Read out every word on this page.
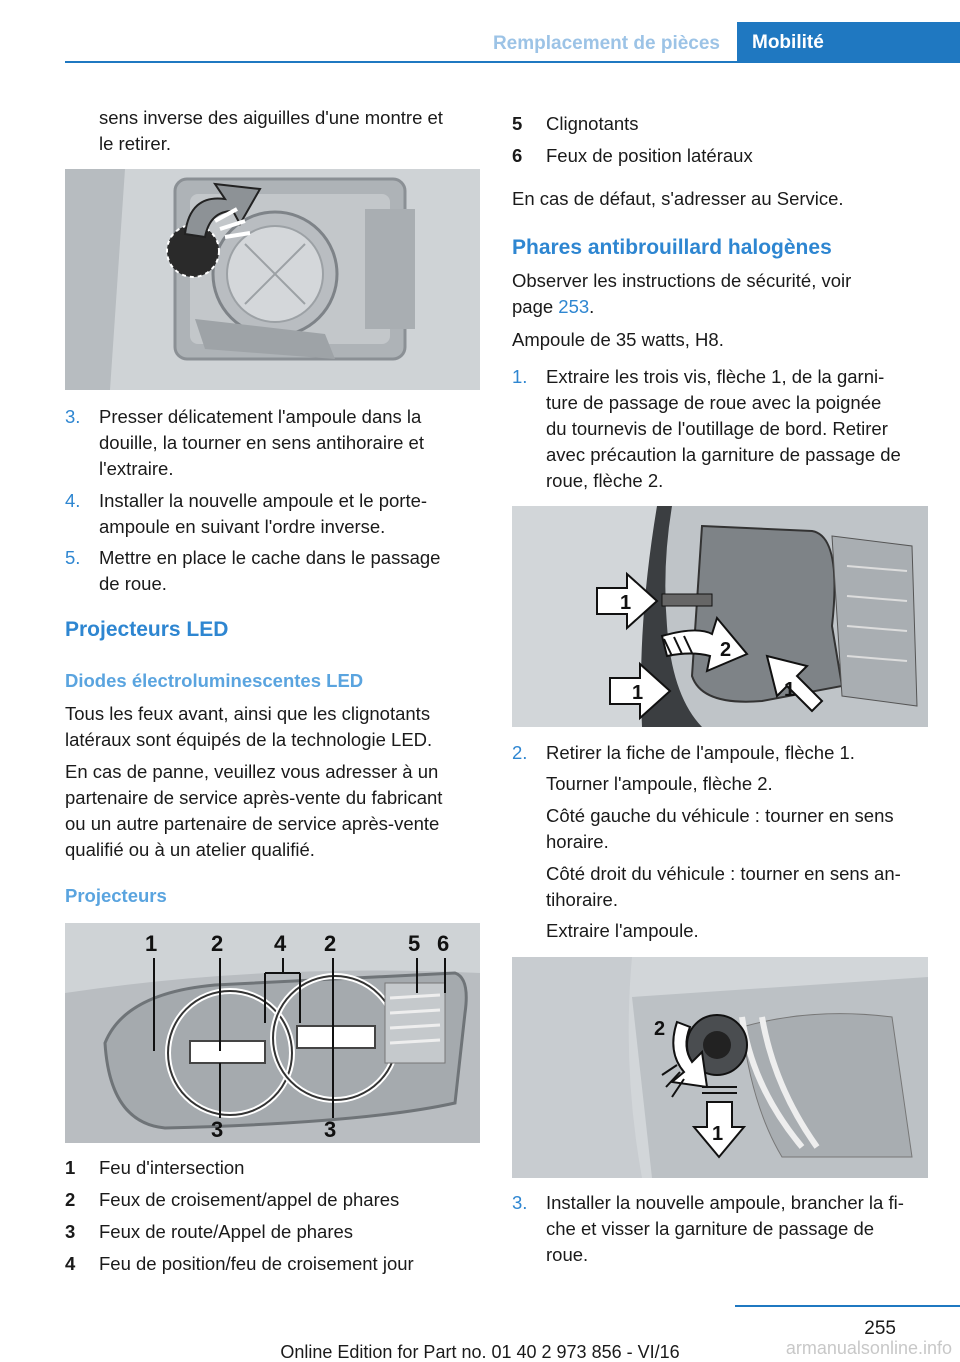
Remplacement de pièces	Mobilité
sens inverse des aiguilles d'une montre et
le retirer.
3. Presser délicatement l'ampoule dans la
douille, la tourner en sens antihoraire et
l'extraire.
4. Installer la nouvelle ampoule et le porte‐
ampoule en suivant l'ordre inverse.
5. Mettre en place le cache dans le passage
de roue.
Projecteurs LED
Diodes électroluminescentes LED
Tous les feux avant, ainsi que les clignotants
latéraux sont équipés de la technologie LED.
En cas de panne, veuillez vous adresser à un
partenaire de service après-vente du fabricant
ou un autre partenaire de service après-vente
qualifié ou à un atelier qualifié.
Projecteurs
1 2 4 2	5 6
3	3
1 Feu d'intersection
2 Feux de croisement/appel de phares
3 Feux de route/Appel de phares
4 Feu de position/feu de croisement jour
5 Clignotants
6 Feux de position latéraux
En cas de défaut, s'adresser au Service.
Phares antibrouillard halogènes
Observer les instructions de sécurité, voir
page 253.
Ampoule de 35 watts, H8.
1. Extraire les trois vis, flèche 1, de la garni‐
ture de passage de roue avec la poignée
du tournevis de l'outillage de bord. Retirer
avec précaution la garniture de passage de
roue, flèche 2.
1
2
1	1
2. Retirer la fiche de l'ampoule, flèche 1.
Tourner l'ampoule, flèche 2.
Côté gauche du véhicule : tourner en sens
horaire.
Côté droit du véhicule : tourner en sens an‐
tihoraire.
Extraire l'ampoule.
2
1
3. Installer la nouvelle ampoule, brancher la fi‐
che et visser la garniture de passage de
roue.
255
Online Edition for Part no. 01 40 2 973 856 - VI/16	armanualsonline.info
